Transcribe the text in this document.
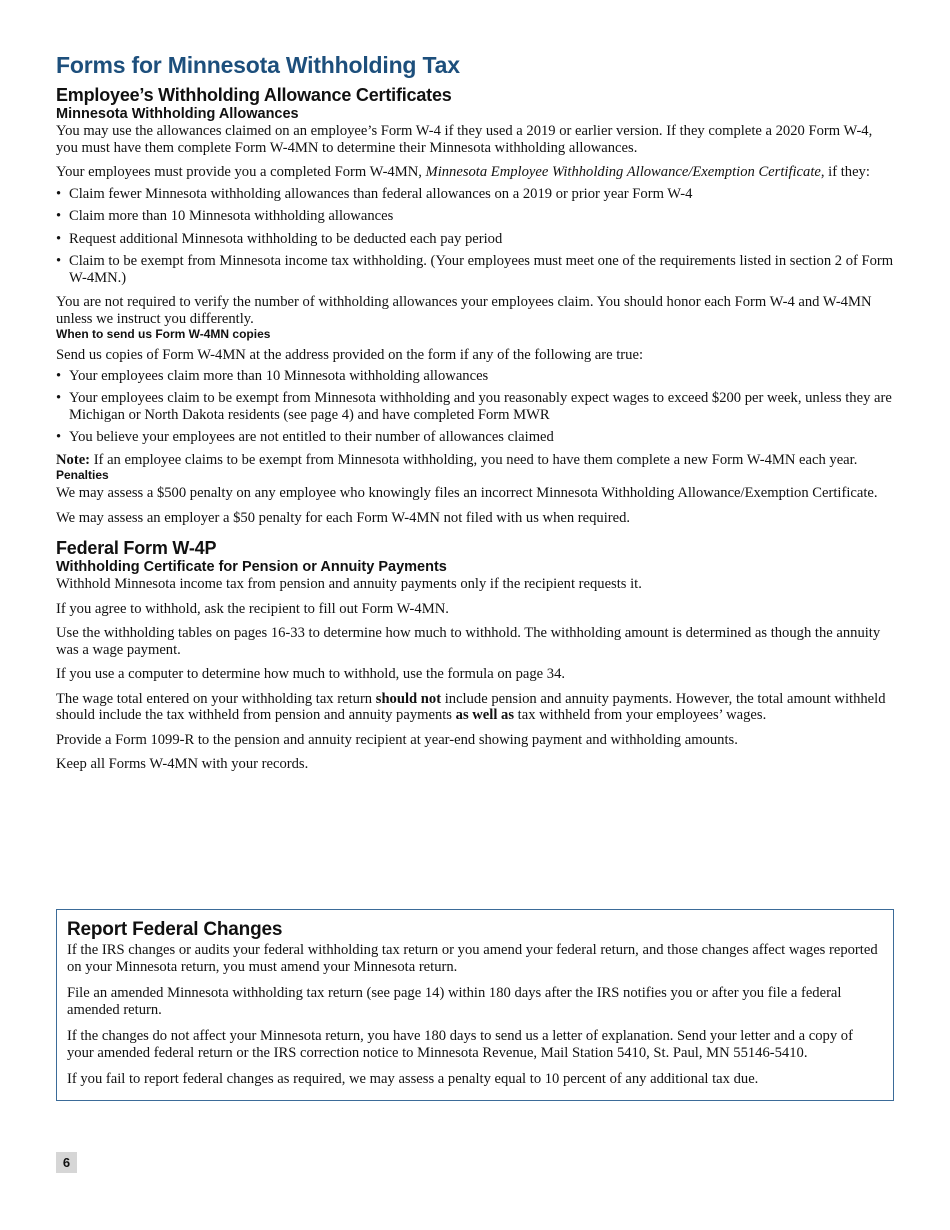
Forms for Minnesota Withholding Tax
Employee’s Withholding Allowance Certificates
Minnesota Withholding Allowances

You may use the allowances claimed on an employee’s Form W-4 if they used a 2019 or earlier version. If they complete a 2020 Form W-4, you must have them complete Form W-4MN to determine their Minnesota withholding allowances.

Your employees must provide you a completed Form W-4MN, Minnesota Employee Withholding Allowance/Exemption Certificate, if they:

• Claim fewer Minnesota withholding allowances than federal allowances on a 2019 or prior year Form W-4
• Claim more than 10 Minnesota withholding allowances
• Request additional Minnesota withholding to be deducted each pay period
• Claim to be exempt from Minnesota income tax withholding. (Your employees must meet one of the requirements listed in section 2 of Form W-4MN.)

You are not required to verify the number of withholding allowances your employees claim. You should honor each Form W-4 and W-4MN unless we instruct you differently.

When to send us Form W-4MN copies

Send us copies of Form W-4MN at the address provided on the form if any of the following are true:

• Your employees claim more than 10 Minnesota withholding allowances
• Your employees claim to be exempt from Minnesota withholding and you reasonably expect wages to exceed $200 per week, unless they are Michigan or North Dakota residents (see page 4) and have completed Form MWR
• You believe your employees are not entitled to their number of allowances claimed

Note: If an employee claims to be exempt from Minnesota withholding, you need to have them complete a new Form W-4MN each year.

Penalties

We may assess a $500 penalty on any employee who knowingly files an incorrect Minnesota Withholding Allowance/Exemption Certificate.

We may assess an employer a $50 penalty for each Form W-4MN not filed with us when required.

Federal Form W-4P
Withholding Certificate for Pension or Annuity Payments

Withhold Minnesota income tax from pension and annuity payments only if the recipient requests it.

If you agree to withhold, ask the recipient to fill out Form W-4MN.

Use the withholding tables on pages 16-33 to determine how much to withhold. The withholding amount is determined as though the annuity was a wage payment.

If you use a computer to determine how much to withhold, use the formula on page 34.

The wage total entered on your withholding tax return should not include pension and annuity payments. However, the total amount withheld should include the tax withheld from pension and annuity payments as well as tax withheld from your employees’ wages.

Provide a Form 1099-R to the pension and annuity recipient at year-end showing payment and withholding amounts.

Keep all Forms W-4MN with your records.

Report Federal Changes

If the IRS changes or audits your federal withholding tax return or you amend your federal return, and those changes affect wages reported on your Minnesota return, you must amend your Minnesota return.

File an amended Minnesota withholding tax return (see page 14) within 180 days after the IRS notifies you or after you file a federal amended return.

If the changes do not affect your Minnesota return, you have 180 days to send us a letter of explanation. Send your letter and a copy of your amended federal return or the IRS correction notice to Minnesota Revenue, Mail Station 5410, St. Paul, MN 55146-5410.

If you fail to report federal changes as required, we may assess a penalty equal to 10 percent of any additional tax due.

6
